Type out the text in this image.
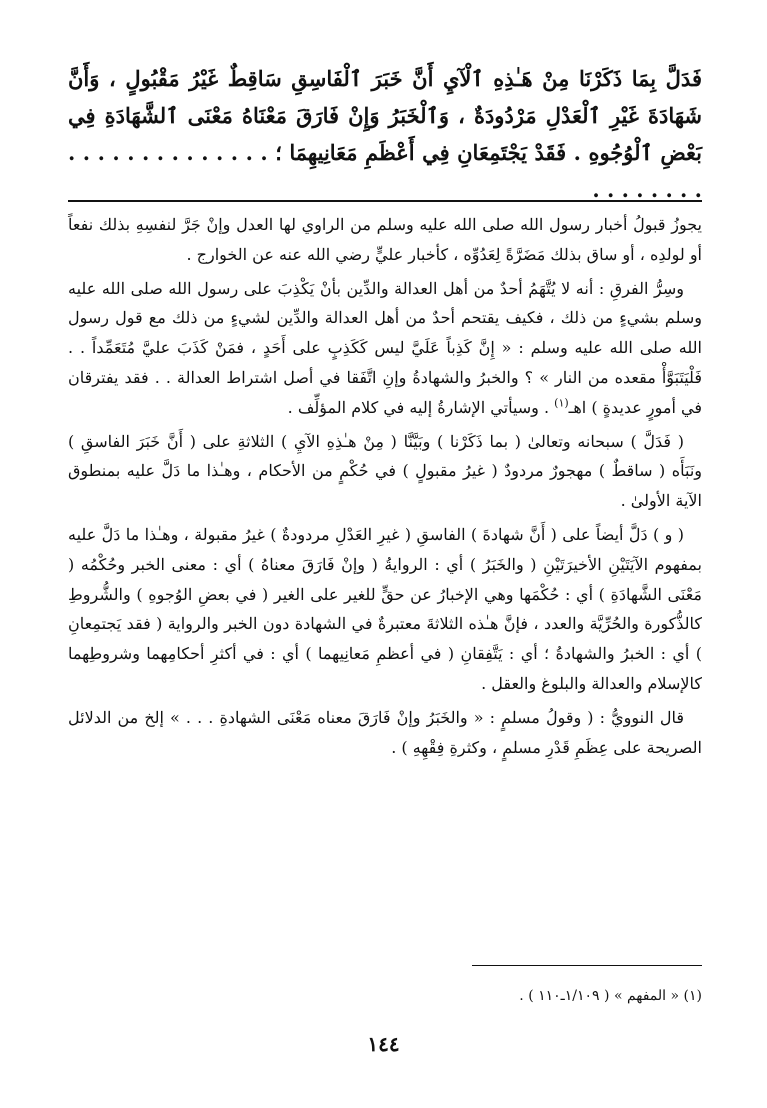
فَدَلَّ بِمَا ذَكَرْنَا مِنْ هَـٰذِهِ ٱلْآيِ أَنَّ خَبَرَ ٱلْفَاسِقِ سَاقِطٌ غَيْرُ مَقْبُولٍ ، وَأَنَّ شَهَادَةَ غَيْرِ ٱلْعَدْلِ مَرْدُودَةٌ ، وَٱلْخَبَرُ وَإِنْ فَارَقَ مَعْنَاهُ مَعْنَى ٱلشَّهَادَةِ فِي بَعْضِ ٱلْوُجُوهِ . فَقَدْ يَجْتَمِعَانِ فِي أَعْظَمِ مَعَانِيهِمَا ؛ . . . . . . . . . . . . . . . . . . . . . .

يجوزُ قبولُ أخبار رسول الله صلى الله عليه وسلم من الراوي لها العدل وإنْ جَرَّ لنفسِهِ بذلك نفعاً أو لولدِه ، أو ساق بذلك مَضَرَّةً لِعَدُوِّه ، كأخبار عليٍّ رضي الله عنه عن الخوارج .

وسِرُّ الفرقِ : أنه لا يُتَّهَمُ أحدٌ من أهل العدالة والدِّين بأنْ يَكْذِبَ على رسول الله صلى الله عليه وسلم بشيءٍ من ذلك ، فكيف يقتحم أحدٌ من أهل العدالة والدِّين لشيءٍ من ذلك مع قول رسول الله صلى الله عليه وسلم : « إِنَّ كَذِباً عَلَيَّ ليس كَكَذِبٍ على أَحَدٍ ، فمَنْ كَذَبَ عليَّ مُتَعَمِّداً . . فَلْيَتَبَوَّأْ مقعده من النار » ؟ والخبرُ والشهادةُ وإنِ اتَّفَقا في أصل اشتراط العدالة . . فقد يفترقان في أمورٍ عديدةٍ ) اهـ$^{(١)}$ . وسيأتي الإشارةُ إليه في كلام المؤلِّف .

( فَدَلَّ ) سبحانه وتعالىٰ ( بما ذَكَرْنا ) وبَيَّنَّا ( مِنْ هـٰذِهِ الآيِ ) الثلاثةِ على ( أَنَّ خَبَرَ الفاسقِ ) ونَبَأَه ( ساقطٌ ) مهجورٌ مردودٌ ( غيرُ مقبولٍ ) في حُكْمٍ من الأحكام ، وهـٰذا ما دَلَّ عليه بمنطوق الآية الأولىٰ .

( و ) دَلَّ أيضاً على ( أَنَّ شهادةَ ) الفاسقِ ( غيرِ العَدْلِ مردودةٌ ) غيرُ مقبولة ، وهـٰذا ما دَلَّ عليه بمفهوم الآيَتَيْنِ الأخيرَتَيْنِ ( والخَبَرُ ) أي : الروايةُ ( وإنْ فَارَقَ معناهُ ) أي : معنى الخبر وحُكْمُه ( مَعْنَى الشَّهادَةِ ) أي : حُكْمَها وهي الإخبارُ عن حقٍّ للغير على الغير ( في بعضِ الوُجوهِ ) والشُّروطِ كالذُّكورة والحُرِّيَّة والعدد ، فإنَّ هـٰذه الثلاثةَ معتبرةٌ في الشهادة دون الخبر والرواية ( فقد يَجتمِعانِ ) أي : الخبرُ والشهادةُ ؛ أي : يَتَّفِقانِ ( في أعظمِ مَعانِيهما ) أي : في أكثرِ أحكامِهما وشروطِهما كالإسلام والعدالة والبلوغ والعقل .

قال النوويُّ : ( وقولُ مسلمٍ : « والخَبَرُ وإنْ فَارَقَ معناه مَعْنَى الشهادةِ . . . » إلخ من الدلائل الصريحة على عِظَمِ قَدْرِ مسلمٍ ، وكثرةِ فِقْهِهِ ) .

(١) « المفهم » ( ١/١٠٩ـ١١٠ ) .
١٤٤
